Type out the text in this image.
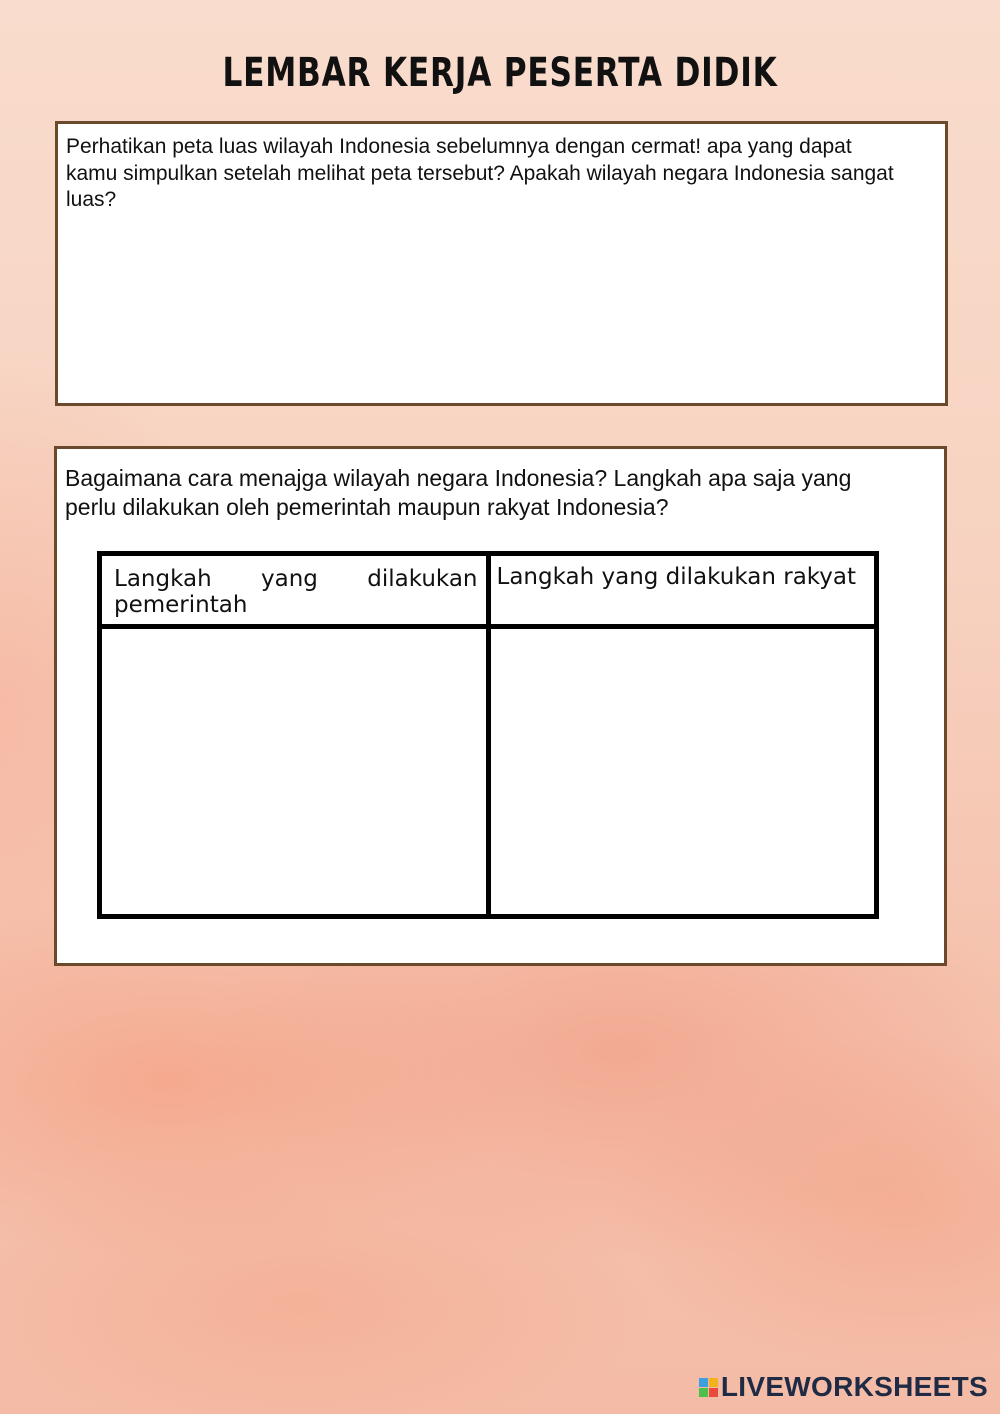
LEMBAR KERJA PESERTA DIDIK
Perhatikan peta luas wilayah Indonesia sebelumnya dengan cermat! apa yang dapat kamu simpulkan setelah melihat peta tersebut? Apakah wilayah negara Indonesia sangat luas?
Bagaimana cara menajga wilayah negara Indonesia? Langkah apa saja yang perlu dilakukan oleh pemerintah maupun rakyat Indonesia?
Langkah yang dilakukan pemerintah	Langkah yang dilakukan rakyat

LIVEWORKSHEETS
